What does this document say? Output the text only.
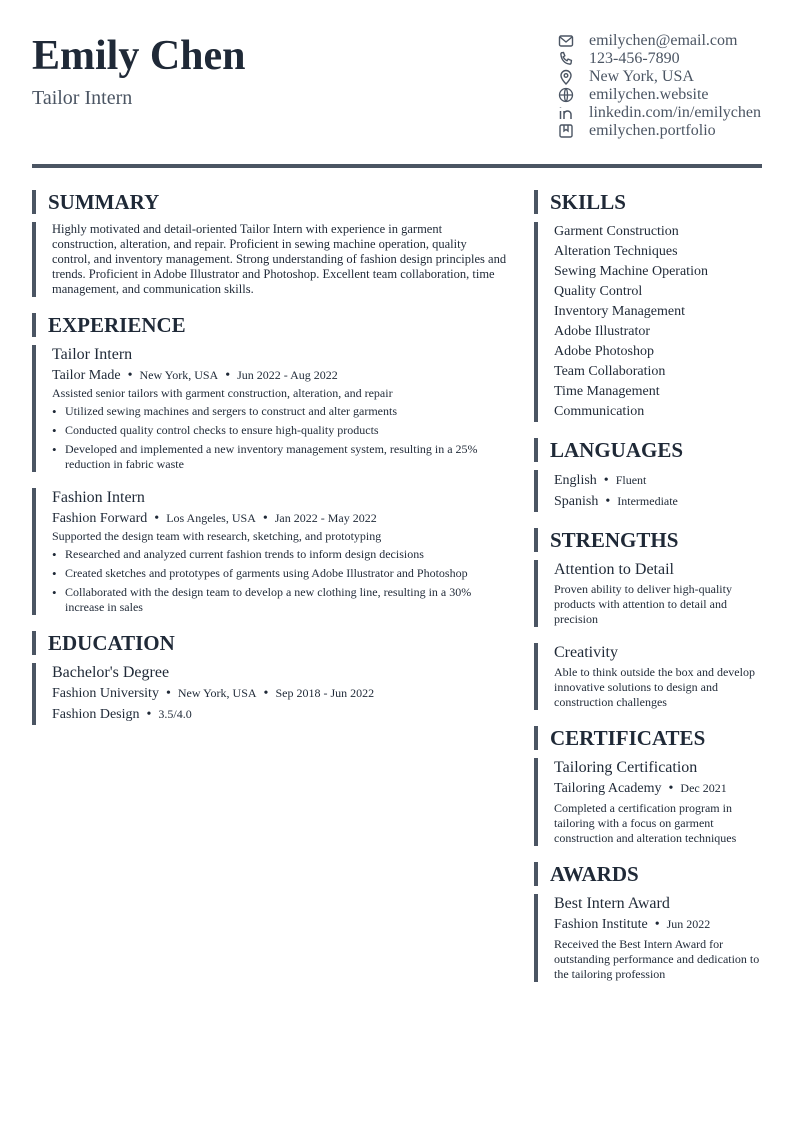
Emily Chen
Tailor Intern
emilychen@email.com
123-456-7890
New York, USA
emilychen.website
linkedin.com/in/emilychen
emilychen.portfolio
SUMMARY
Highly motivated and detail-oriented Tailor Intern with experience in garment construction, alteration, and repair. Proficient in sewing machine operation, quality control, and inventory management. Strong understanding of fashion design principles and trends. Proficient in Adobe Illustrator and Photoshop. Excellent team collaboration, time management, and communication skills.
EXPERIENCE
Tailor Intern
Tailor Made • New York, USA • Jun 2022 - Aug 2022
Assisted senior tailors with garment construction, alteration, and repair
• Utilized sewing machines and sergers to construct and alter garments
• Conducted quality control checks to ensure high-quality products
• Developed and implemented a new inventory management system, resulting in a 25% reduction in fabric waste
Fashion Intern
Fashion Forward • Los Angeles, USA • Jan 2022 - May 2022
Supported the design team with research, sketching, and prototyping
• Researched and analyzed current fashion trends to inform design decisions
• Created sketches and prototypes of garments using Adobe Illustrator and Photoshop
• Collaborated with the design team to develop a new clothing line, resulting in a 30% increase in sales
EDUCATION
Bachelor's Degree
Fashion University • New York, USA • Sep 2018 - Jun 2022
Fashion Design • 3.5/4.0
SKILLS
Garment Construction
Alteration Techniques
Sewing Machine Operation
Quality Control
Inventory Management
Adobe Illustrator
Adobe Photoshop
Team Collaboration
Time Management
Communication
LANGUAGES
English • Fluent
Spanish • Intermediate
STRENGTHS
Attention to Detail
Proven ability to deliver high-quality products with attention to detail and precision
Creativity
Able to think outside the box and develop innovative solutions to design and construction challenges
CERTIFICATES
Tailoring Certification
Tailoring Academy • Dec 2021
Completed a certification program in tailoring with a focus on garment construction and alteration techniques
AWARDS
Best Intern Award
Fashion Institute • Jun 2022
Received the Best Intern Award for outstanding performance and dedication to the tailoring profession
